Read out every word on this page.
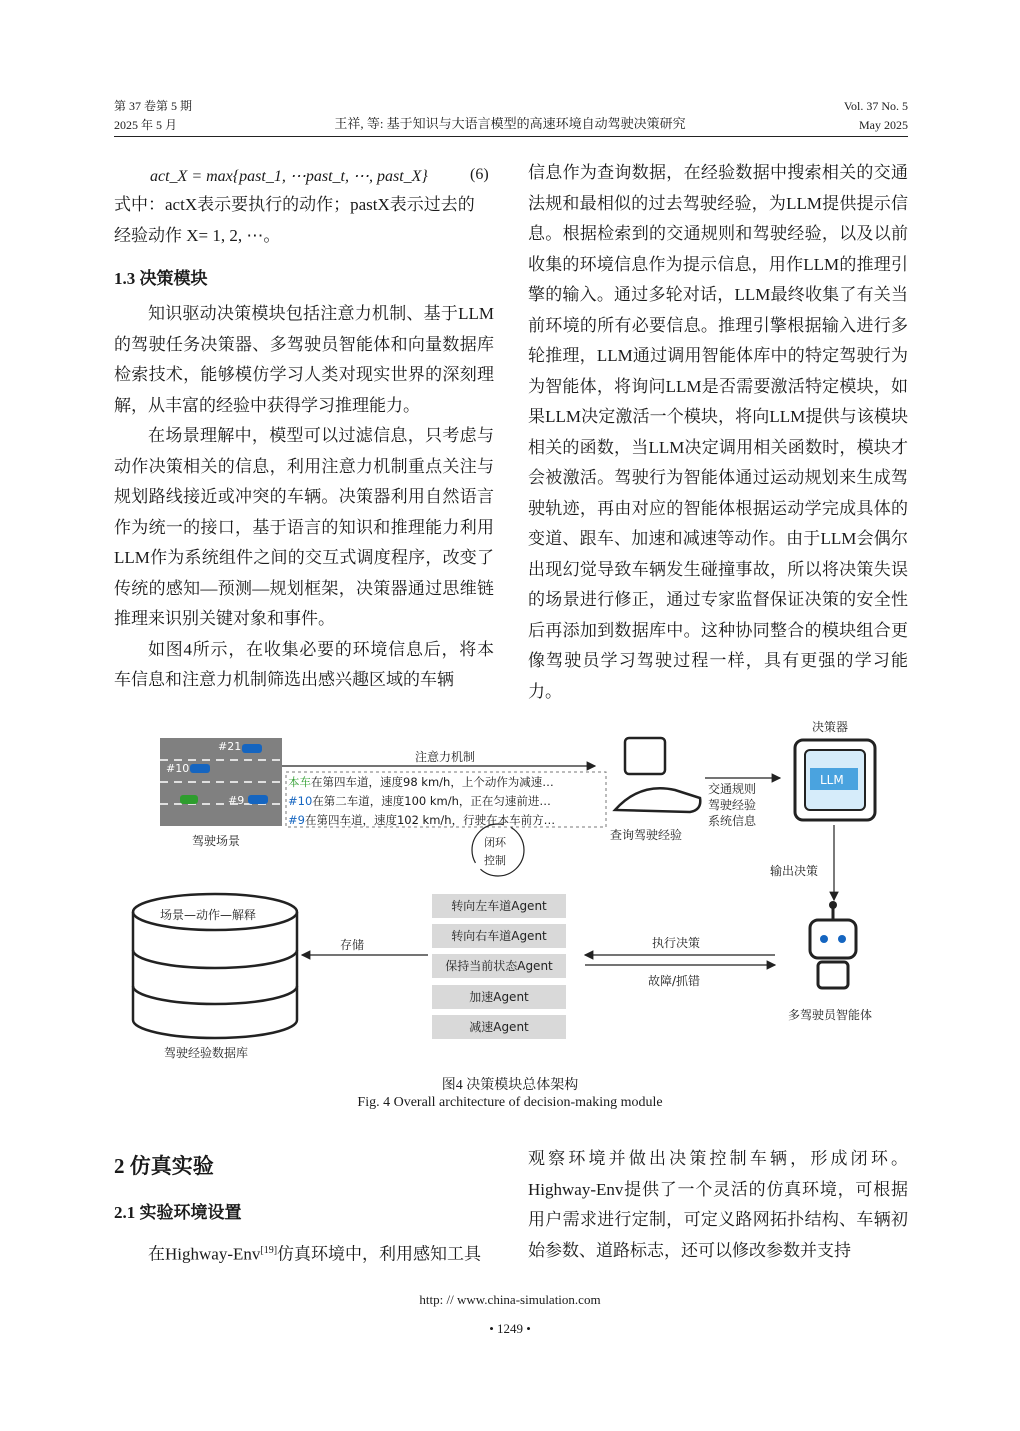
第 37 卷第 5 期
2025 年 5 月	王祥, 等: 基于知识与大语言模型的高速环境自动驾驶决策研究
Vol. 37 No. 5
May 2025
act_X = max{past_1, ⋯past_t, ⋯, past_X}	(6)

式中：actX表示要执行的动作；pastX表示过去的

经验动作 X= 1, 2, ⋯。

1.3 决策模块

知识驱动决策模块包括注意力机制、基于LLM的驾驶任务决策器、多驾驶员智能体和向量数据库检索技术，能够模仿学习人类对现实世界的深刻理解，从丰富的经验中获得学习推理能力。

在场景理解中，模型可以过滤信息，只考虑与动作决策相关的信息，利用注意力机制重点关注与规划路线接近或冲突的车辆。决策器利用自然语言作为统一的接口，基于语言的知识和推理能力利用LLM作为系统组件之间的交互式调度程序，改变了传统的感知—预测—规划框架，决策器通过思维链推理来识别关键对象和事件。

如图4所示，在收集必要的环境信息后，将本车信息和注意力机制筛选出感兴趣区域的车辆

信息作为查询数据，在经验数据中搜索相关的交通法规和最相似的过去驾驶经验，为LLM提供提示信息。根据检索到的交通规则和驾驶经验，以及以前收集的环境信息作为提示信息，用作LLM的推理引擎的输入。通过多轮对话，LLM最终收集了有关当前环境的所有必要信息。推理引擎根据输入进行多轮推理，LLM通过调用智能体库中的特定驾驶行为为智能体，将询问LLM是否需要激活特定模块，如果LLM决定激活一个模块，将向LLM提供与该模块相关的函数，当LLM决定调用相关函数时，模块才会被激活。驾驶行为智能体通过运动规划来生成驾驶轨迹，再由对应的智能体根据运动学完成具体的变道、跟车、加速和减速等动作。由于LLM会偶尔出现幻觉导致车辆发生碰撞事故，所以将决策失误的场景进行修正，通过专家监督保证决策的安全性后再添加到数据库中。这种协同整合的模块组合更像驾驶员学习驾驶过程一样，具有更强的学习能力。

驾驶场景
#21
#10
#9
注意力机制
本车在第四车道，速度98 km/h，上个动作为减速…
#10在第二车道，速度100 km/h，正在匀速前进…
#9在第四车道，速度102 km/h，行驶在本车前方…
查询驾驶经验
交通规则
驾驶经验
系统信息
决策器
LLM
输出决策
闭环
控制
转向左车道Agent
转向右车道Agent
保持当前状态Agent
加速Agent
减速Agent
执行决策
故障/抓错
多驾驶员智能体
存储
场景—动作—解释
驾驶经验数据库
图4 决策模块总体架构
Fig. 4 Overall architecture of decision-making module
2 仿真实验
2.1 实验环境设置

在Highway-Env[19]仿真环境中，利用感知工具

观察环境并做出决策控制车辆，形成闭环。Highway-Env提供了一个灵活的仿真环境，可根据用户需求进行定制，可定义路网拓扑结构、车辆初始参数、道路标志，还可以修改参数并支持

http: // www.china-simulation.com
• 1249 •
